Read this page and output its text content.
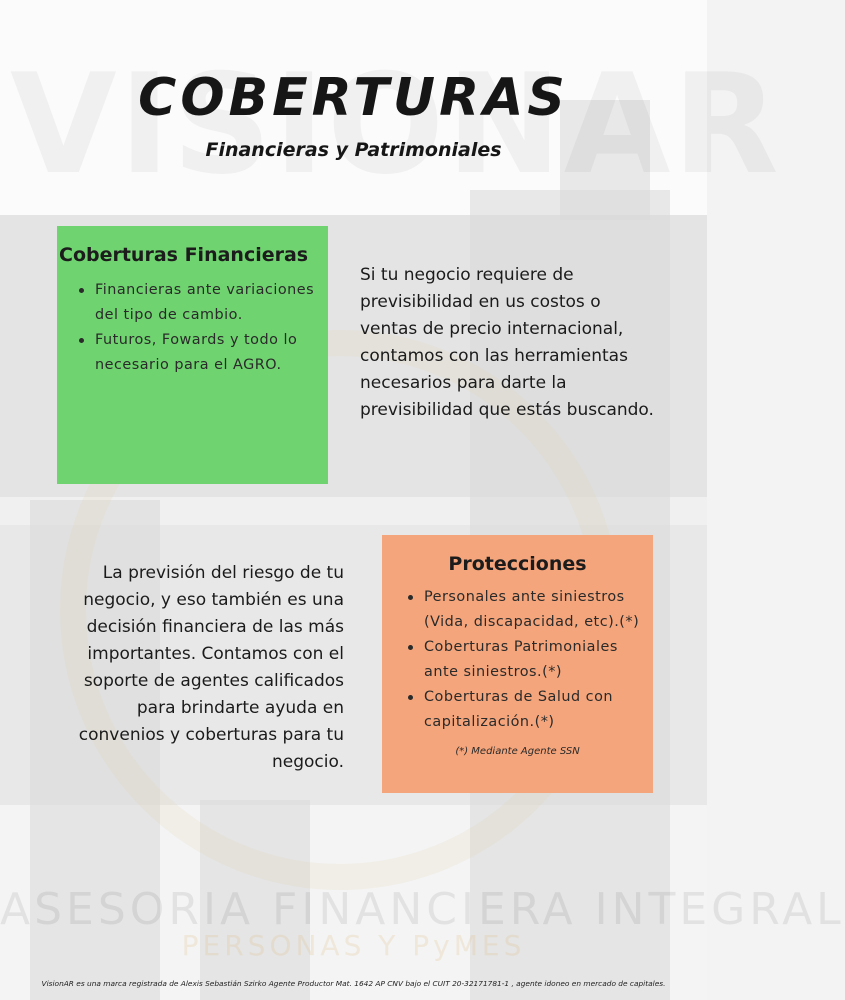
ASESORIA FINANCIERA INTEGRAL
PERSONAS Y PyMES
COBERTURAS
Financieras y Patrimoniales
Coberturas Financieras
Financieras ante variaciones del tipo de cambio.
Futuros, Fowards y todo lo necesario para el AGRO.

Si tu negocio requiere de previsibilidad en us costos o ventas de precio internacional, contamos con las herramientas necesarios para darte la previsibilidad que estás buscando.

La previsión del riesgo de tu negocio, y eso también es una decisión financiera de las más importantes. Contamos con el soporte de agentes calificados para brindarte ayuda en convenios y coberturas para tu negocio.

Protecciones
Personales ante siniestros (Vida, discapacidad, etc).(*)
Coberturas Patrimoniales ante siniestros.(*)
Coberturas de Salud con capitalización.(*)

(*) Mediante Agente SSN

VisionAR es una marca registrada de Alexis Sebastián Szirko Agente Productor Mat. 1642 AP CNV bajo el CUIT 20-32171781-1 , agente idoneo en mercado de capitales.
